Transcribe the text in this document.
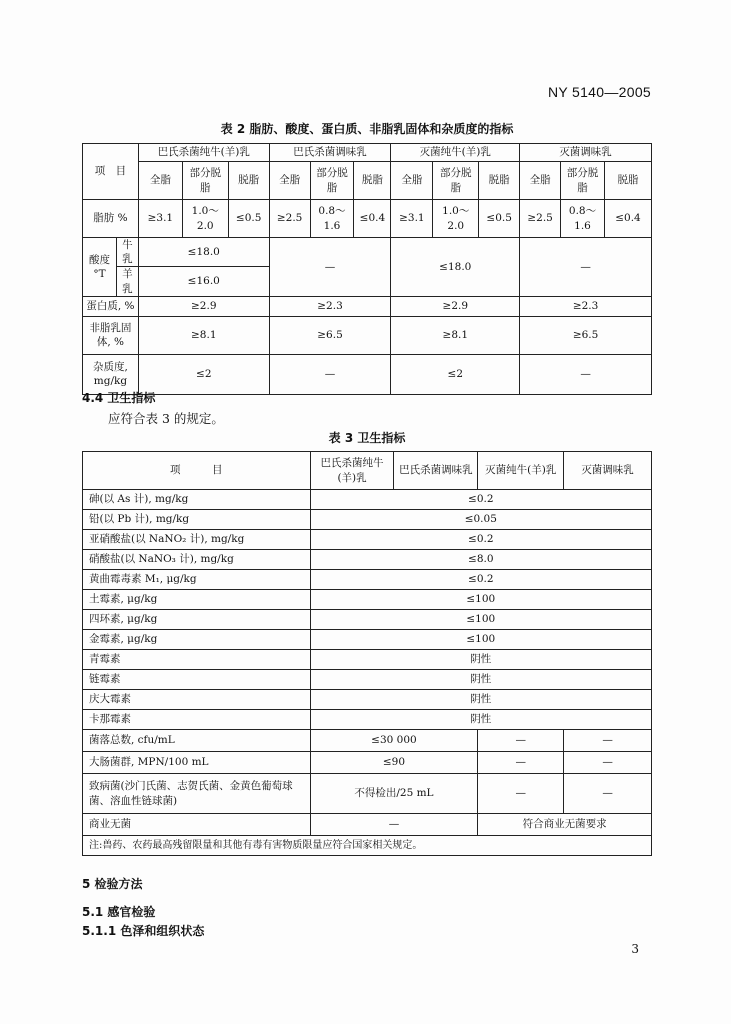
NY 5140—2005
表 2 脂肪、酸度、蛋白质、非脂乳固体和杂质度的指标
项　目		巴氏杀菌纯牛(羊)乳			巴氏杀菌调味乳			灭菌纯牛(羊)乳			灭菌调味乳		
		全脂	部分脱脂	脱脂	全脂	部分脱脂	脱脂	全脂	部分脱脂	脱脂	全脂	部分脱脂	脱脂
脂肪 %		≥3.1	1.0～2.0	≤0.5	≥2.5	0.8～1.6	≤0.4	≥3.1	1.0～2.0	≤0.5	≥2.5	0.8～1.6	≤0.4
酸度 °T	牛乳	≤18.0			—			≤18.0			—		
	羊乳	≤16.0											
蛋白质, %		≥2.9			≥2.3			≥2.9			≥2.3		
非脂乳固体, %		≥8.1			≥6.5			≥8.1			≥6.5		
杂质度, mg/kg		≤2			—			≤2			—		
4.4 卫生指标
应符合表 3 的规定。
表 3 卫生指标
项　　　目	巴氏杀菌纯牛(羊)乳	巴氏杀菌调味乳	灭菌纯牛(羊)乳	灭菌调味乳
砷(以 As 计), mg/kg	≤0.2			
铅(以 Pb 计), mg/kg	≤0.05			
亚硝酸盐(以 NaNO₂ 计), mg/kg	≤0.2			
硝酸盐(以 NaNO₃ 计), mg/kg	≤8.0			
黄曲霉毒素 M₁, μg/kg	≤0.2			
土霉素, μg/kg	≤100			
四环素, μg/kg	≤100			
金霉素, μg/kg	≤100			
青霉素	阴性			
链霉素	阴性			
庆大霉素	阴性			
卡那霉素	阴性			
菌落总数, cfu/mL	≤30 000		—	—
大肠菌群, MPN/100 mL	≤90		—	—
致病菌(沙门氏菌、志贺氏菌、金黄色葡萄球菌、溶血性链球菌)	不得检出/25 mL		—	—
商业无菌	—		符合商业无菌要求	
注:兽药、农药最高残留限量和其他有毒有害物质限量应符合国家相关规定。				
5 检验方法
5.1 感官检验
5.1.1 色泽和组织状态
3
